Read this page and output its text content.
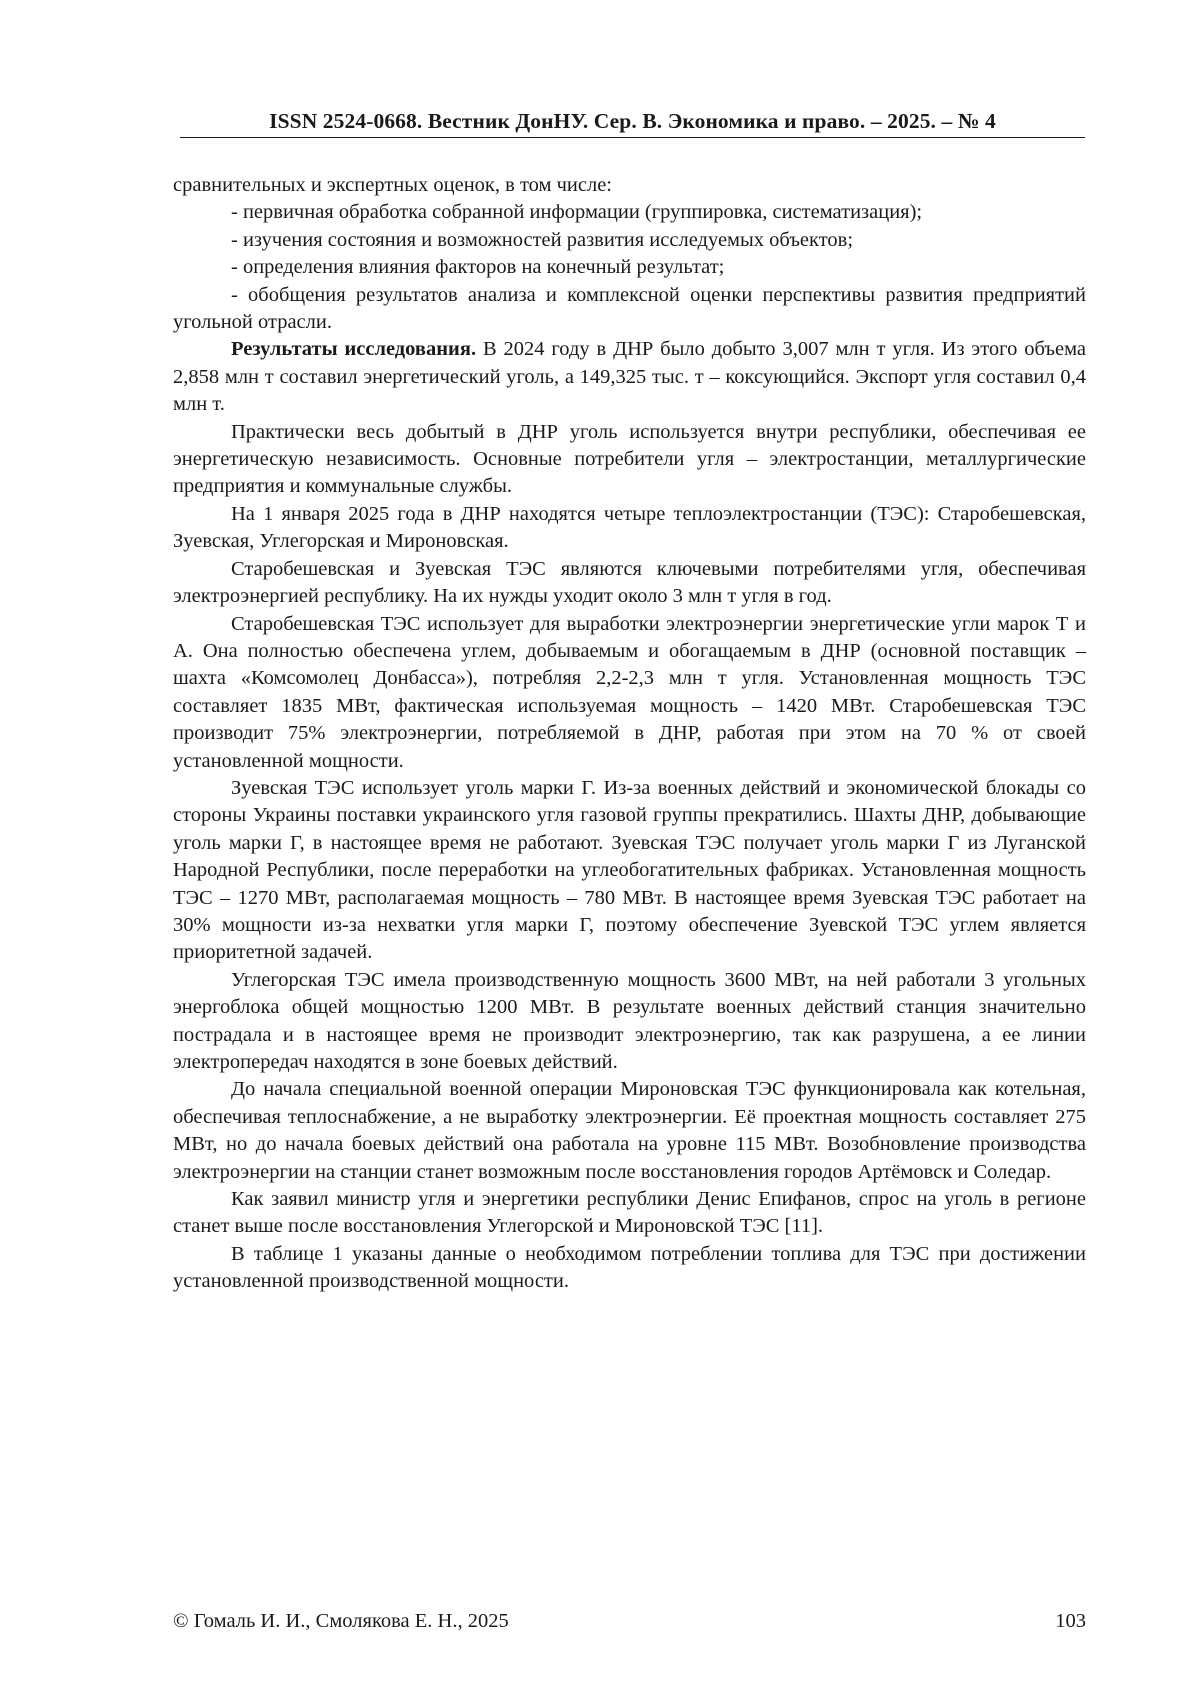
ISSN 2524-0668. Вестник ДонНУ. Сер. В. Экономика и право. – 2025. – № 4

сравнительных и экспертных оценок, в том числе:

- первичная обработка собранной информации (группировка, систематизация);

- изучения состояния и возможностей развития исследуемых объектов;

- определения влияния факторов на конечный результат;

- обобщения результатов анализа и комплексной оценки перспективы развития предприятий угольной отрасли.

Результаты исследования. В 2024 году в ДНР было добыто 3,007 млн т угля. Из этого объема 2,858 млн т составил энергетический уголь, а 149,325 тыс. т – коксующийся. Экспорт угля составил 0,4 млн т.

Практически весь добытый в ДНР уголь используется внутри республики, обеспечивая ее энергетическую независимость. Основные потребители угля – электростанции, металлургические предприятия и коммунальные службы.

На 1 января 2025 года в ДНР находятся четыре теплоэлектростанции (ТЭС): Старобешевская, Зуевская, Углегорская и Мироновская.

Старобешевская и Зуевская ТЭС являются ключевыми потребителями угля, обеспечивая электроэнергией республику. На их нужды уходит около 3 млн т угля в год.

Старобешевская ТЭС использует для выработки электроэнергии энергетические угли марок Т и А. Она полностью обеспечена углем, добываемым и обогащаемым в ДНР (основной поставщик – шахта «Комсомолец Донбасса»), потребляя 2,2-2,3 млн т угля. Установленная мощность ТЭС составляет 1835 МВт, фактическая используемая мощность – 1420 МВт. Старобешевская ТЭС производит 75% электроэнергии, потребляемой в ДНР, работая при этом на 70 % от своей установленной мощности.

Зуевская ТЭС использует уголь марки Г. Из-за военных действий и экономической блокады со стороны Украины поставки украинского угля газовой группы прекратились. Шахты ДНР, добывающие уголь марки Г, в настоящее время не работают. Зуевская ТЭС получает уголь марки Г из Луганской Народной Республики, после переработки на углеобогатительных фабриках. Установленная мощность ТЭС – 1270 МВт, располагаемая мощность – 780 МВт. В настоящее время Зуевская ТЭС работает на 30% мощности из-за нехватки угля марки Г, поэтому обеспечение Зуевской ТЭС углем является приоритетной задачей.

Углегорская ТЭС имела производственную мощность 3600 МВт, на ней работали 3 угольных энергоблока общей мощностью 1200 МВт. В результате военных действий станция значительно пострадала и в настоящее время не производит электроэнергию, так как разрушена, а ее линии электропередач находятся в зоне боевых действий.

До начала специальной военной операции Мироновская ТЭС функционировала как котельная, обеспечивая теплоснабжение, а не выработку электроэнергии. Её проектная мощность составляет 275 МВт, но до начала боевых действий она работала на уровне 115 МВт. Возобновление производства электроэнергии на станции станет возможным после восстановления городов Артёмовск и Соледар.

Как заявил министр угля и энергетики республики Денис Епифанов, спрос на уголь в регионе станет выше после восстановления Углегорской и Мироновской ТЭС [11].

В таблице 1 указаны данные о необходимом потреблении топлива для ТЭС при достижении установленной производственной мощности.

© Гомаль И. И., Смолякова Е. Н., 2025	103
